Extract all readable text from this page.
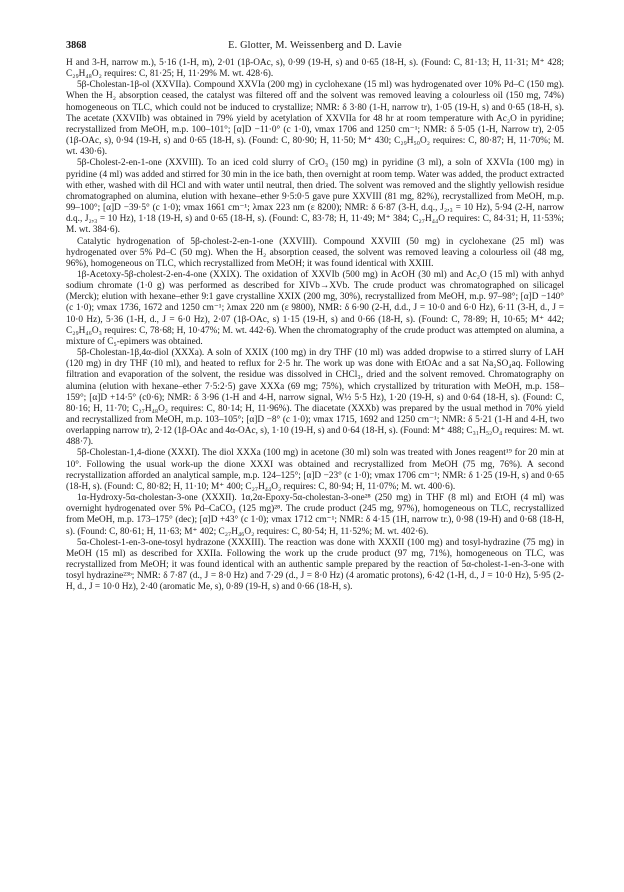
3868	E. Glotter, M. Weissenberg and D. Lavie

H and 3-H, narrow m.), 5·16 (1-H, m), 2·01 (1β-OAc, s), 0·99 (19-H, s) and 0·65 (18-H, s). (Found: C, 81·13; H, 11·31; M⁺ 428; C₂₉H₄₈O₂ requires: C, 81·25; H, 11·29% M. wt. 428·6).

5β-Cholestan-1β-ol (XXVIIa). Compound XXVIa (200 mg) in cyclohexane (15 ml) was hydrogenated over 10% Pd–C (150 mg). When the H₂ absorption ceased, the catalyst was filtered off and the solvent was removed leaving a colourless oil (150 mg, 74%) homogeneous on TLC, which could not be induced to crystallize; NMR: δ 3·80 (1-H, narrow tr), 1·05 (19-H, s) and 0·65 (18-H, s). The acetate (XXVIIb) was obtained in 79% yield by acetylation of XXVIIa for 48 hr at room temperature with Ac₂O in pyridine; recrystallized from MeOH, m.p. 100–101°; [α]D −11·0° (c 1·0), νmax 1706 and 1250 cm⁻¹; NMR: δ 5·05 (1-H, Narrow tr), 2·05 (1β-OAc, s), 0·94 (19-H, s) and 0·65 (18-H, s). (Found: C, 80·90; H, 11·50; M⁺ 430; C₂₉H₅₀O₂ requires: C, 80·87; H, 11·70%; M. wt. 430·6).

5β-Cholest-2-en-1-one (XXVIII). To an iced cold slurry of CrO₃ (150 mg) in pyridine (3 ml), a soln of XXVIa (100 mg) in pyridine (4 ml) was added and stirred for 30 min in the ice bath, then overnight at room temp. Water was added, the product extracted with ether, washed with dil HCl and with water until neutral, then dried. The solvent was removed and the slightly yellowish residue chromatographed on alumina, elution with hexane–ether 9·5:0·5 gave pure XXVIII (81 mg, 82%), recrystallized from MeOH, m.p. 99–100°; [α]D −39·5° (c 1·0); νmax 1661 cm⁻¹; λmax 223 nm (ε 8200); NMR: δ 6·87 (3-H, d.q., J₂,₃ = 10 Hz), 5·94 (2-H, narrow d.q., J₂,₃ = 10 Hz), 1·18 (19-H, s) and 0·65 (18-H, s). (Found: C, 83·78; H, 11·49; M⁺ 384; C₂₇H₄₄O requires: C, 84·31; H, 11·53%; M. wt. 384·6).

Catalytic hydrogenation of 5β-cholest-2-en-1-one (XXVIII). Compound XXVIII (50 mg) in cyclohexane (25 ml) was hydrogenated over 5% Pd–C (50 mg). When the H₂ absorption ceased, the solvent was removed leaving a colourless oil (48 mg, 96%), homogeneous on TLC, which recrystallized from MeOH; it was found identical with XXIII.

1β-Acetoxy-5β-cholest-2-en-4-one (XXIX). The oxidation of XXVIb (500 mg) in AcOH (30 ml) and Ac₂O (15 ml) with anhyd sodium chromate (1·0 g) was performed as described for XIVb→XVb. The crude product was chromatographed on silicagel (Merck); elution with hexane–ether 9:1 gave crystalline XXIX (200 mg, 30%), recrystallized from MeOH, m.p. 97–98°; [α]D −140° (c 1·0); νmax 1736, 1672 and 1250 cm⁻¹; λmax 220 nm (ε 9800), NMR: δ 6·90 (2-H, d.d., J = 10·0 and 6·0 Hz), 6·11 (3-H, d., J = 10·0 Hz), 5·36 (1-H, d., J = 6·0 Hz), 2·07 (1β-OAc, s) 1·15 (19-H, s) and 0·66 (18-H, s). (Found: C, 78·89; H, 10·65; M⁺ 442; C₂₉H₄₆O₃ requires: C, 78·68; H, 10·47%; M. wt. 442·6). When the chromatography of the crude product was attempted on alumina, a mixture of C₅-epimers was obtained.

5β-Cholestan-1β,4α-diol (XXXa). A soln of XXIX (100 mg) in dry THF (10 ml) was added dropwise to a stirred slurry of LAH (120 mg) in dry THF (10 ml), and heated to reflux for 2·5 hr. The work up was done with EtOAc and a sat Na₂SO₄aq. Following filtration and evaporation of the solvent, the residue was dissolved in CHCl₃, dried and the solvent removed. Chromatography on alumina (elution with hexane–ether 7·5:2·5) gave XXXa (69 mg; 75%), which crystallized by trituration with MeOH, m.p. 158–159°; [α]D +14·5° (c0·6); NMR: δ 3·96 (1-H and 4-H, narrow signal, W½ 5·5 Hz), 1·20 (19-H, s) and 0·64 (18-H, s). (Found: C, 80·16; H, 11·70; C₂₇H₄₈O₂ requires: C, 80·14; H, 11·96%). The diacetate (XXXb) was prepared by the usual method in 70% yield and recrystallized from MeOH, m.p. 103–105°; [α]D −8° (c 1·0); νmax 1715, 1692 and 1250 cm⁻¹; NMR: δ 5·21 (1-H and 4-H, two overlapping narrow tr), 2·12 (1β-OAc and 4α-OAc, s), 1·10 (19-H, s) and 0·64 (18-H, s). (Found: M⁺ 488; C₃₁H₅₂O₄ requires: M. wt. 488·7).

5β-Cholestan-1,4-dione (XXXI). The diol XXXa (100 mg) in acetone (30 ml) soln was treated with Jones reagent¹⁹ for 20 min at 10°. Following the usual work-up the dione XXXI was obtained and recrystallized from MeOH (75 mg, 76%). A second recrystallization afforded an analytical sample, m.p. 124–125°; [α]D −23° (c 1·0); νmax 1706 cm⁻¹; NMR: δ 1·25 (19-H, s) and 0·65 (18-H, s). (Found: C, 80·82; H, 11·10; M⁺ 400; C₂₇H₄₄O₂ requires: C, 80·94; H, 11·07%; M. wt. 400·6).

1α-Hydroxy-5α-cholestan-3-one (XXXII). 1α,2α-Epoxy-5α-cholestan-3-one²⁸ (250 mg) in THF (8 ml) and EtOH (4 ml) was overnight hydrogenated over 5% Pd–CaCO₃ (125 mg)²⁸. The crude product (245 mg, 97%), homogeneous on TLC, recrystallized from MeOH, m.p. 173–175° (dec); [α]D +43° (c 1·0); νmax 1712 cm⁻¹; NMR: δ 4·15 (1H, narrow tr.), 0·98 (19-H) and 0·68 (18-H, s). (Found: C, 80·61; H, 11·63; M⁺ 402; C₂₇H₄₆O₂ requires: C, 80·54; H, 11·52%; M. wt. 402·6).

5α-Cholest-1-en-3-one-tosyl hydrazone (XXXIII). The reaction was done with XXXII (100 mg) and tosyl-hydrazine (75 mg) in MeOH (15 ml) as described for XXIIa. Following the work up the crude product (97 mg, 71%), homogeneous on TLC, was recrystallized from MeOH; it was found identical with an authentic sample prepared by the reaction of 5α-cholest-1-en-3-one with tosyl hydrazine²³ᵇ; NMR: δ 7·87 (d., J = 8·0 Hz) and 7·29 (d., J = 8·0 Hz) (4 aromatic protons), 6·42 (1-H, d., J = 10·0 Hz), 5·95 (2-H, d., J = 10·0 Hz), 2·40 (aromatic Me, s), 0·89 (19-H, s) and 0·66 (18-H, s).
